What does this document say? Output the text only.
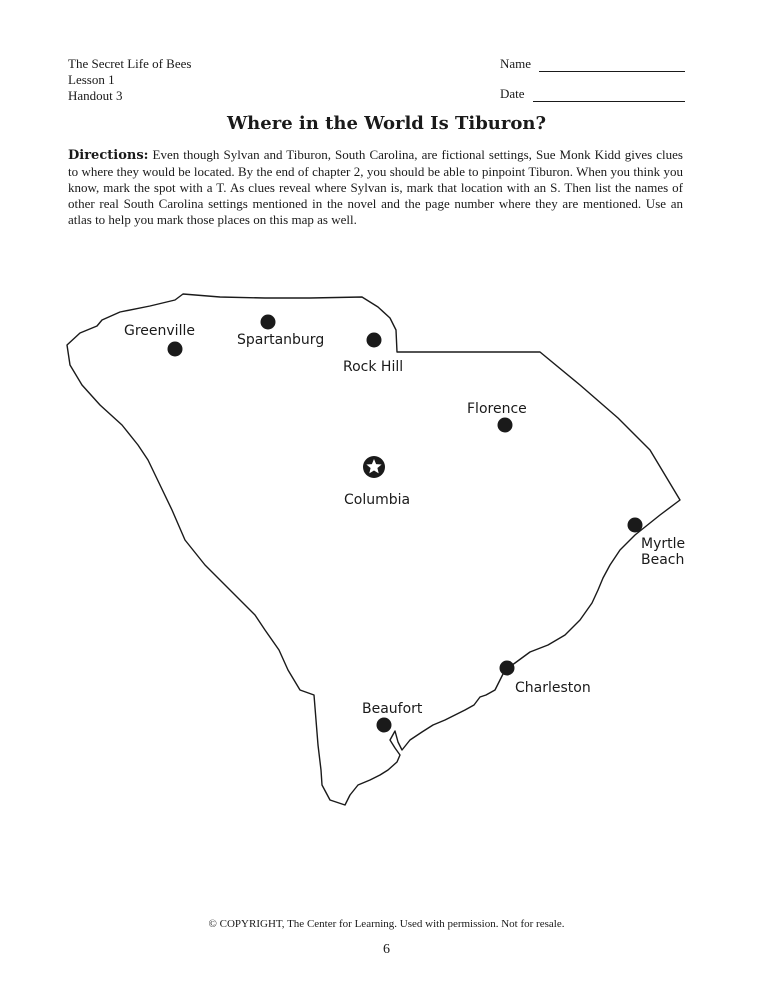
The Secret Life of Bees
Lesson 1
Handout 3
Name
Date
Where in the World Is Tiburon?
Directions: Even though Sylvan and Tiburon, South Carolina, are fictional settings, Sue Monk Kidd gives clues to where they would be located. By the end of chapter 2, you should be able to pinpoint Tiburon. When you think you know, mark the spot with a T. As clues reveal where Sylvan is, mark that location with an S. Then list the names of other real South Carolina settings mentioned in the novel and the page number where they are mentioned. Use an atlas to help you mark those places on this map as well.
Greenville
Spartanburg
Rock Hill
Florence
Columbia
Myrtle
Beach
Charleston
Beaufort
© COPYRIGHT, The Center for Learning. Used with permission. Not for resale.
6
